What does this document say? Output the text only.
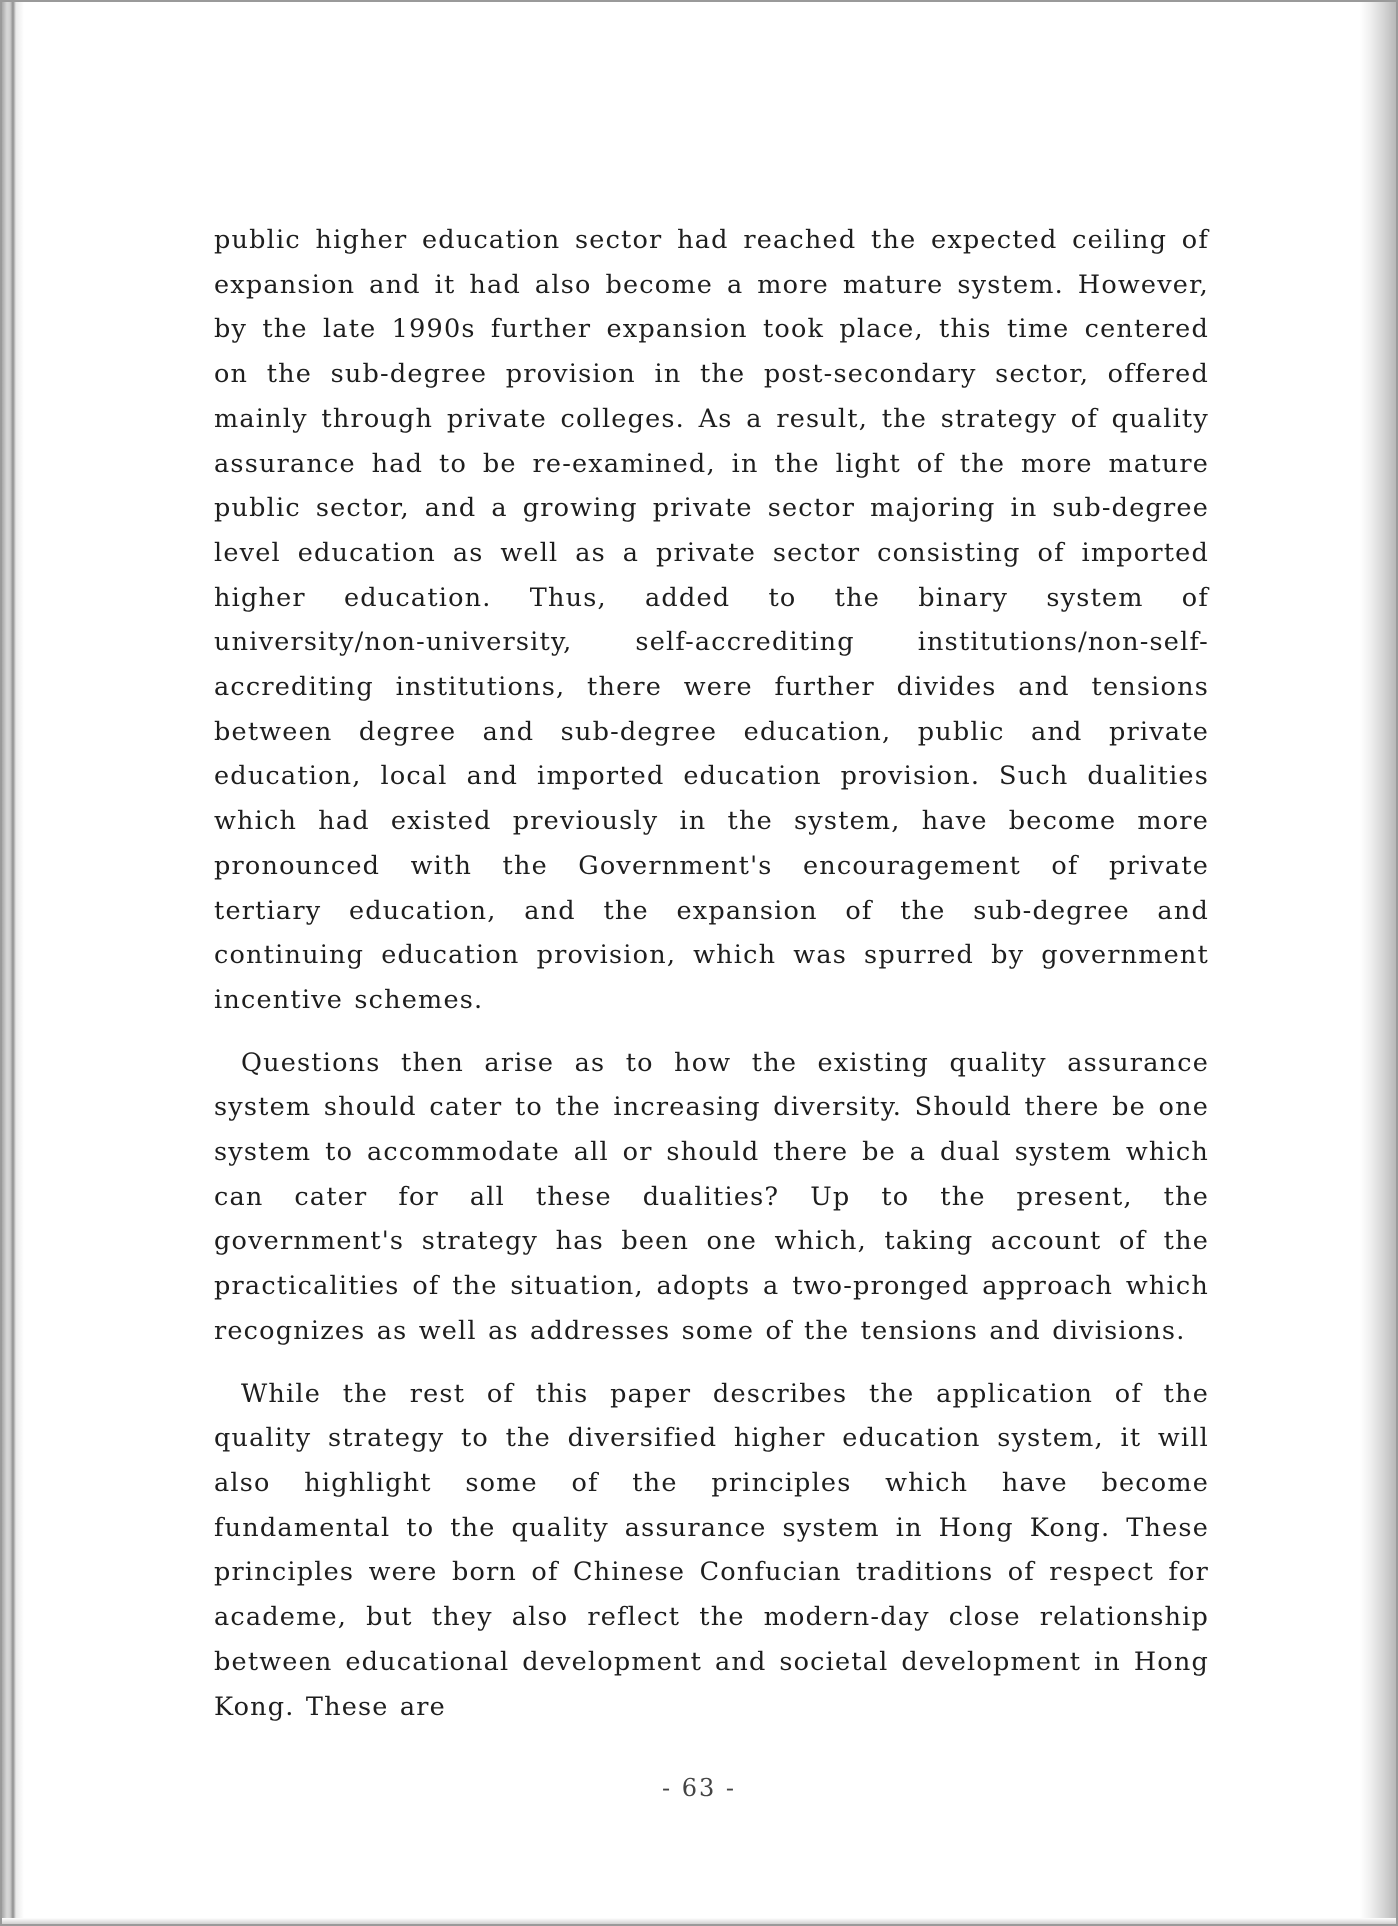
public higher education sector had reached the expected ceiling of expansion and it had also become a more mature system. However, by the late 1990s further expansion took place, this time centered on the sub-degree provision in the post-secondary sector, offered mainly through private colleges. As a result, the strategy of quality assurance had to be re-examined, in the light of the more mature public sector, and a growing private sector majoring in sub-degree level education as well as a private sector consisting of imported higher education. Thus, added to the binary system of university/non-university, self-accrediting institutions/non-self-accrediting institutions, there were further divides and tensions between degree and sub-degree education, public and private education, local and imported education provision. Such dualities which had existed previously in the system, have become more pronounced with the Government's encouragement of private tertiary education, and the expansion of the sub-degree and continuing education provision, which was spurred by government incentive schemes.

Questions then arise as to how the existing quality assurance system should cater to the increasing diversity. Should there be one system to accommodate all or should there be a dual system which can cater for all these dualities? Up to the present, the government's strategy has been one which, taking account of the practicalities of the situation, adopts a two-pronged approach which recognizes as well as addresses some of the tensions and divisions.

While the rest of this paper describes the application of the quality strategy to the diversified higher education system, it will also highlight some of the principles which have become fundamental to the quality assurance system in Hong Kong. These principles were born of Chinese Confucian traditions of respect for academe, but they also reflect the modern-day close relationship between educational development and societal development in Hong Kong. These are

- 63 -
